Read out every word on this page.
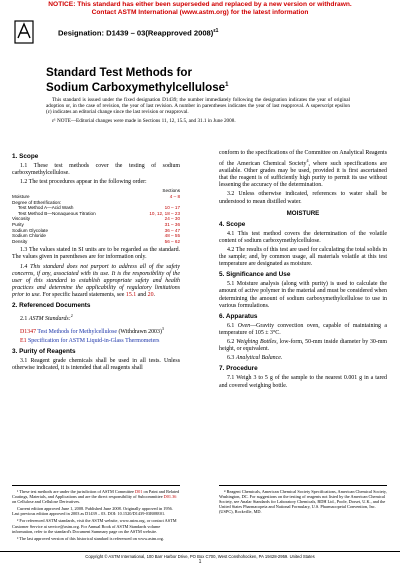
NOTICE: This standard has either been superseded and replaced by a new version or withdrawn.
Contact ASTM International (www.astm.org) for the latest information
Designation: D1439 – 03(Reapproved 2008)$^{\varepsilon 1}$
Standard Test Methods for
Sodium Carboxymethylcellulose$^1$

This standard is issued under the fixed designation D1439; the number immediately following the designation indicates the year of original adoption or, in the case of revision, the year of last revision. A number in parentheses indicates the year of last reapproval. A superscript epsilon (ε) indicates an editorial change since the last revision or reapproval.

ε¹ NOTE—Editorial changes were made in Sections 11, 12, 15.5, and 31.1 in June 2008.

1. Scope

1.1 These test methods cover the testing of sodium carboxymethylcellulose.

1.2 The test procedures appear in the following order:

Sections
Moisture	4 – 8
Degree of Etherification:
Test Method A—Acid Wash	10 – 17
Test Method B—Nonaqueous Titration	10, 12, 18 – 23
Viscosity	24 – 30
Purity	31 – 36
Sodium Glycolate	36 – 47
Sodium Chloride	48 – 55
Density	56 – 62

1.3 The values stated in SI units are to be regarded as the standard. The values given in parentheses are for information only.

1.4 This standard does not purport to address all of the safety concerns, if any, associated with its use. It is the responsibility of the user of this standard to establish appropriate safety and health practices and determine the applicability of regulatory limitations prior to use. For specific hazard statements, see 15.1 and 20.

2. Referenced Documents

2.1 ASTM Standards:$^2$

D1347 Test Methods for Methylcellulose (Withdrawn 2003)$^3$

E1 Specification for ASTM Liquid-in-Glass Thermometers

3. Purity of Reagents

3.1 Reagent grade chemicals shall be used in all tests. Unless otherwise indicated, it is intended that all reagents shall

¹ These test methods are under the jurisdiction of ASTM Committee D01 on Paint and Related Coatings, Materials, and Applications and are the direct responsibility of Subcommittee D01.36 on Cellulose and Cellulose Derivatives.

Current edition approved June 1, 2008. Published June 2008. Originally approved in 1956. Last previous edition approved in 2003 as D1439 – 03. DOI: 10.1520/D1439-03R08E01.

² For referenced ASTM standards, visit the ASTM website, www.astm.org, or contact ASTM Customer Service at service@astm.org. For Annual Book of ASTM Standards volume information, refer to the standard's Document Summary page on the ASTM website.

³ The last approved version of this historical standard is referenced on www.astm.org.

conform to the specifications of the Committee on Analytical Reagents of the American Chemical Society$^4$, where such specifications are available. Other grades may be used, provided it is first ascertained that the reagent is of sufficiently high purity to permit its use without lessening the accuracy of the determination.

3.2 Unless otherwise indicated, references to water shall be understood to mean distilled water.

MOISTURE
4. Scope

4.1 This test method covers the determination of the volatile content of sodium carboxymethylcellulose.

4.2 The results of this test are used for calculating the total solids in the sample; and, by common usage, all materials volatile at this test temperature are designated as moisture.

5. Significance and Use

5.1 Moisture analysis (along with purity) is used to calculate the amount of active polymer in the material and must be considered when determining the amount of sodium carboxymethylcellulose to use in various formulations.

6. Apparatus

6.1 Oven—Gravity convection oven, capable of maintaining a temperature of 105 ± 3°C.

6.2 Weighing Bottles, low-form, 50-mm inside diameter by 30-mm height, or equivalent.

6.3 Analytical Balance.

7. Procedure

7.1 Weigh 3 to 5 g of the sample to the nearest 0.001 g in a tared and covered weighing bottle.

⁴ Reagent Chemicals, American Chemical Society Specifications, American Chemical Society, Washington, DC. For suggestions on the testing of reagents not listed by the American Chemical Society, see Analar Standards for Laboratory Chemicals, BDH Ltd., Poole, Dorset, U.K., and the United States Pharmacopeia and National Formulary, U.S. Pharmacopeial Convention, Inc. (USPC), Rockville, MD.

Copyright © ASTM International, 100 Barr Harbor Drive, PO Box C700, West Conshohocken, PA 19428-2959. United States
1
